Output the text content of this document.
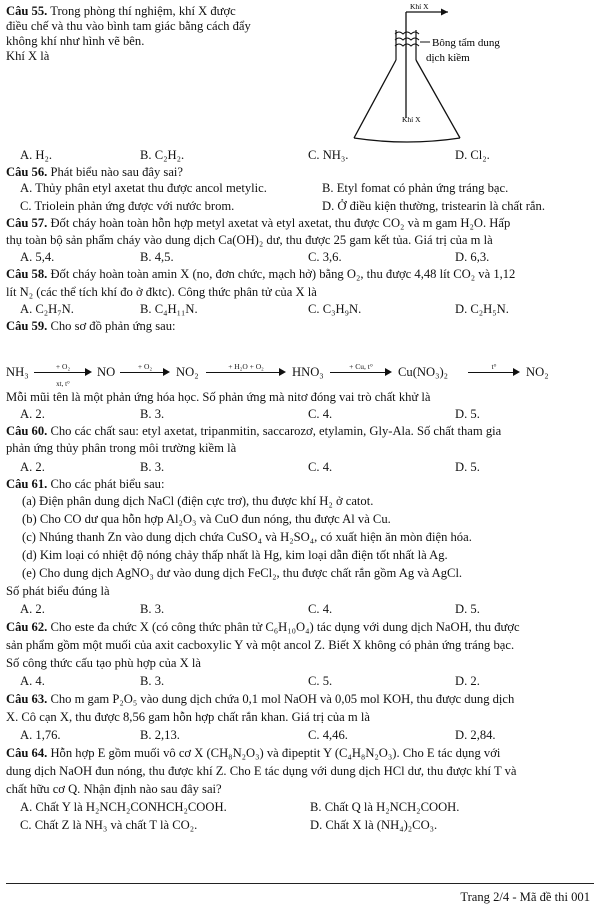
Câu 55. Trong phòng thí nghiệm, khí X được
điều chế và thu vào bình tam giác bằng cách đẩy
không khí như hình vẽ bên.
Khí X là
Khí X
Bông tẩm dung
dịch kiềm
Khí X
A. H₂.	B. C₂H₂.	C. NH₃.	D. Cl₂.
Câu 56. Phát biểu nào sau đây sai?
A. Thủy phân etyl axetat thu được ancol metylic.	B. Etyl fomat có phản ứng tráng bạc.
C. Triolein phản ứng được với nước brom.	D. Ở điều kiện thường, tristearin là chất rắn.
Câu 57. Đốt cháy hoàn toàn hỗn hợp metyl axetat và etyl axetat, thu được CO₂ và m gam H₂O. Hấp
thụ toàn bộ sản phẩm cháy vào dung dịch Ca(OH)₂ dư, thu được 25 gam kết tủa. Giá trị của m là
A. 5,4.	B. 4,5.	C. 3,6.	D. 6,3.
Câu 58. Đốt cháy hoàn toàn amin X (no, đơn chức, mạch hở) bằng O₂, thu được 4,48 lít CO₂ và 1,12
lít N₂ (các thể tích khí đo ở đktc). Công thức phân tử của X là
A. C₂H₇N.	B. C₄H₁₁N.	C. C₃H₉N.	D. C₂H₅N.
Câu 59. Cho sơ đồ phản ứng sau:
NH₃	+ O₂
xt, t°
NO	+ O₂	NO₂	+ H₂O + O₂	HNO₃	+ Cu, t°	Cu(NO₃)₂	t°	NO₂
Mỗi mũi tên là một phản ứng hóa học. Số phản ứng mà nitơ đóng vai trò chất khử là
A. 2.	B. 3.	C. 4.	D. 5.
Câu 60. Cho các chất sau: etyl axetat, tripanmitin, saccarozơ, etylamin, Gly-Ala. Số chất tham gia
phản ứng thủy phân trong môi trường kiềm là
A. 2.	B. 3.	C. 4.	D. 5.
Câu 61. Cho các phát biểu sau:
(a) Điện phân dung dịch NaCl (điện cực trơ), thu được khí H₂ ở catot.
(b) Cho CO dư qua hỗn hợp Al₂O₃ và CuO đun nóng, thu được Al và Cu.
(c) Nhúng thanh Zn vào dung dịch chứa CuSO₄ và H₂SO₄, có xuất hiện ăn mòn điện hóa.
(d) Kim loại có nhiệt độ nóng chảy thấp nhất là Hg, kim loại dẫn điện tốt nhất là Ag.
(e) Cho dung dịch AgNO₃ dư vào dung dịch FeCl₂, thu được chất rắn gồm Ag và AgCl.
Số phát biểu đúng là
A. 2.	B. 3.	C. 4.	D. 5.
Câu 62. Cho este đa chức X (có công thức phân tử C₆H₁₀O₄) tác dụng với dung dịch NaOH, thu được
sản phẩm gồm một muối của axit cacboxylic Y và một ancol Z. Biết X không có phản ứng tráng bạc.
Số công thức cấu tạo phù hợp của X là
A. 4.	B. 3.	C. 5.	D. 2.
Câu 63. Cho m gam P₂O₅ vào dung dịch chứa 0,1 mol NaOH và 0,05 mol KOH, thu được dung dịch
X. Cô cạn X, thu được 8,56 gam hỗn hợp chất rắn khan. Giá trị của m là
A. 1,76.	B. 2,13.	C. 4,46.	D. 2,84.
Câu 64. Hỗn hợp E gồm muối vô cơ X (CH₈N₂O₃) và đipeptit Y (C₄H₈N₂O₃). Cho E tác dụng với
dung dịch NaOH đun nóng, thu được khí Z. Cho E tác dụng với dung dịch HCl dư, thu được khí T và
chất hữu cơ Q. Nhận định nào sau đây sai?
A. Chất Y là H₂NCH₂CONHCH₂COOH.	B. Chất Q là H₂NCH₂COOH.
C. Chất Z là NH₃ và chất T là CO₂.	D. Chất X là (NH₄)₂CO₃.
Trang 2/4 - Mã đề thi 001
